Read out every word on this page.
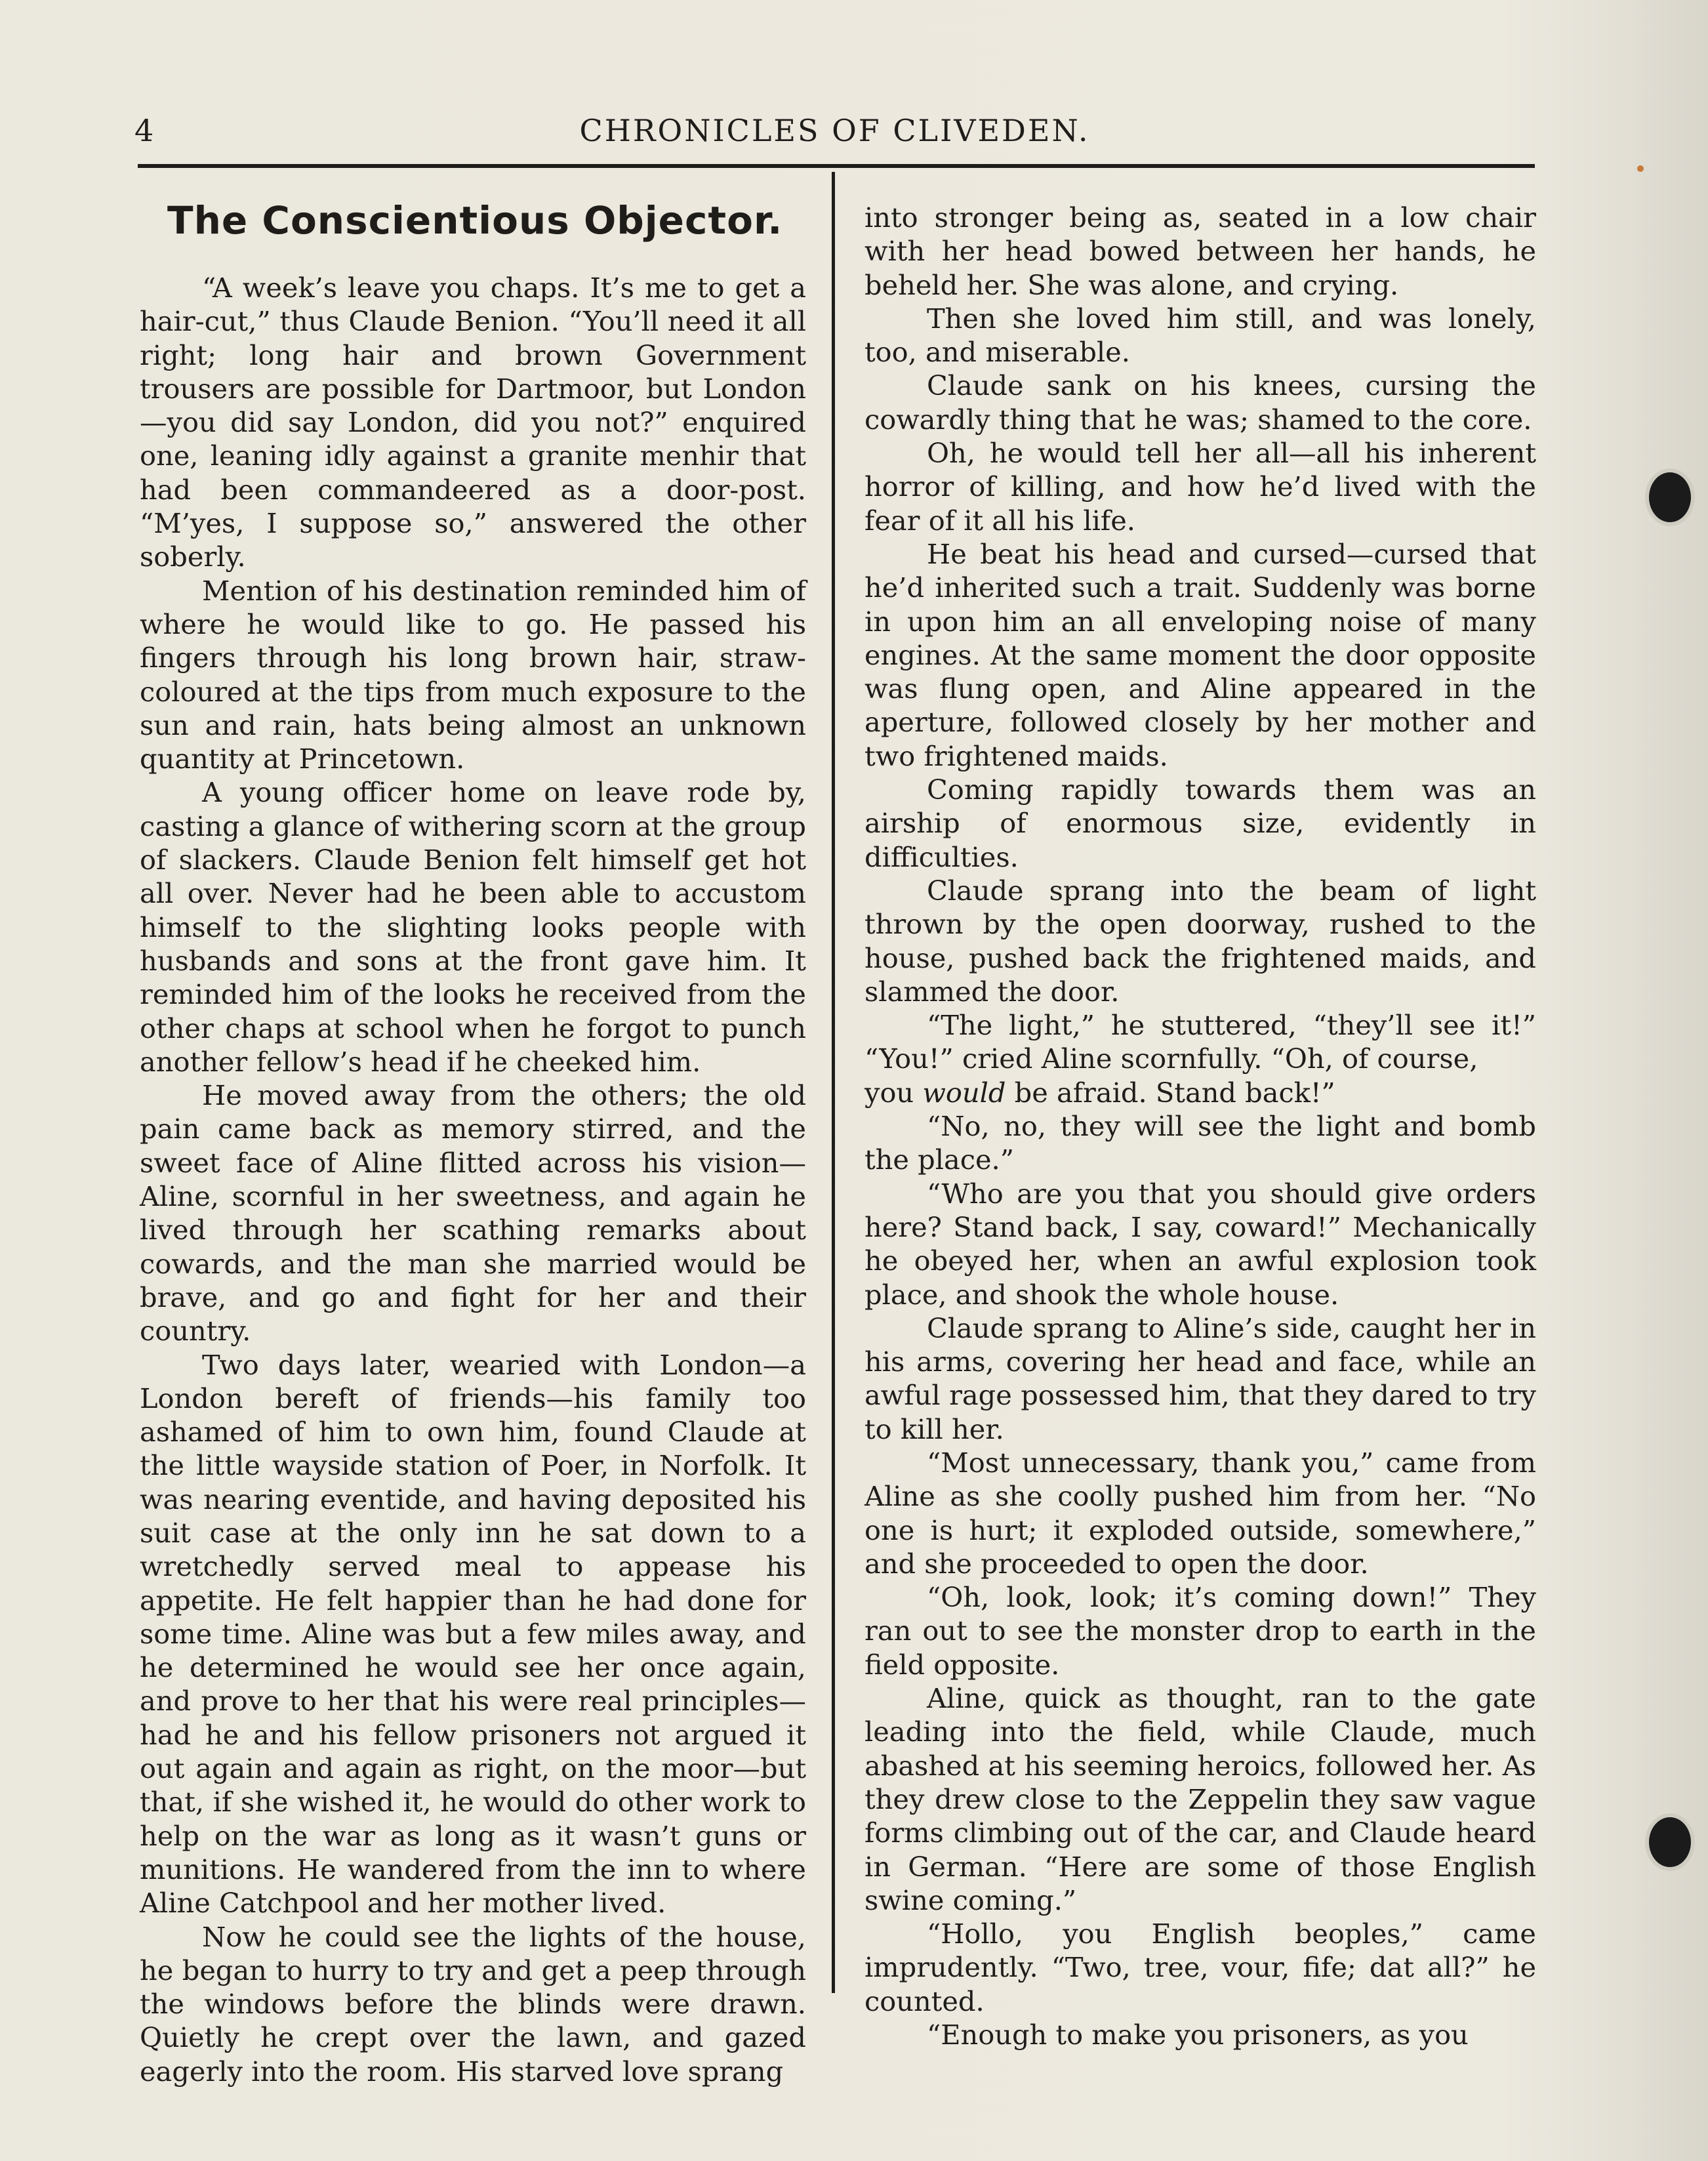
4	CHRONICLES OF CLIVEDEN.
The Conscientious Objector.

“A week’s leave you chaps. It’s me to get a hair-cut,” thus Claude Benion. “You’ll need it all right; long hair and brown Government trousers are possible for Dartmoor, but London —you did say London, did you not?” enquired one, leaning idly against a granite menhir that had been commandeered as a door-post. “M’yes, I suppose so,” answered the other soberly.

Mention of his destination reminded him of where he would like to go. He passed his fingers through his long brown hair, straw-coloured at the tips from much exposure to the sun and rain, hats being almost an unknown quantity at Princetown.

A young officer home on leave rode by, casting a glance of withering scorn at the group of slackers. Claude Benion felt himself get hot all over. Never had he been able to accustom himself to the slighting looks people with husbands and sons at the front gave him. It reminded him of the looks he received from the other chaps at school when he forgot to punch another fellow’s head if he cheeked him.

He moved away from the others; the old pain came back as memory stirred, and the sweet face of Aline flitted across his vision—Aline, scornful in her sweetness, and again he lived through her scathing remarks about cowards, and the man she married would be brave, and go and fight for her and their country.

Two days later, wearied with London—a London bereft of friends—his family too ashamed of him to own him, found Claude at the little wayside station of Poer, in Norfolk. It was nearing eventide, and having deposited his suit case at the only inn he sat down to a wretchedly served meal to appease his appetite. He felt happier than he had done for some time. Aline was but a few miles away, and he determined he would see her once again, and prove to her that his were real principles—had he and his fellow prisoners not argued it out again and again as right, on the moor—but that, if she wished it, he would do other work to help on the war as long as it wasn’t guns or munitions. He wandered from the inn to where Aline Catchpool and her mother lived.

Now he could see the lights of the house, he began to hurry to try and get a peep through the windows before the blinds were drawn. Quietly he crept over the lawn, and gazed eagerly into the room. His starved love sprang

into stronger being as, seated in a low chair with her head bowed between her hands, he beheld her. She was alone, and crying.

Then she loved him still, and was lonely, too, and miserable.

Claude sank on his knees, cursing the cowardly thing that he was; shamed to the core.

Oh, he would tell her all—all his inherent horror of killing, and how he’d lived with the fear of it all his life.

He beat his head and cursed—cursed that he’d inherited such a trait. Suddenly was borne in upon him an all enveloping noise of many engines. At the same moment the door opposite was flung open, and Aline appeared in the aperture, followed closely by her mother and two frightened maids.

Coming rapidly towards them was an airship of enormous size, evidently in difficulties.

Claude sprang into the beam of light thrown by the open doorway, rushed to the house, pushed back the frightened maids, and slammed the door.

“The light,” he stuttered, “they’ll see it!” “You!” cried Aline scornfully. “Oh, of course,

you would be afraid. Stand back!”

“No, no, they will see the light and bomb the place.”

“Who are you that you should give orders here? Stand back, I say, coward!” Mechanically he obeyed her, when an awful explosion took place, and shook the whole house.

Claude sprang to Aline’s side, caught her in his arms, covering her head and face, while an awful rage possessed him, that they dared to try to kill her.

“Most unnecessary, thank you,” came from Aline as she coolly pushed him from her. “No one is hurt; it exploded outside, somewhere,” and she proceeded to open the door.

“Oh, look, look; it’s coming down!” They ran out to see the monster drop to earth in the field opposite.

Aline, quick as thought, ran to the gate leading into the field, while Claude, much abashed at his seeming heroics, followed her. As they drew close to the Zeppelin they saw vague forms climbing out of the car, and Claude heard in German. “Here are some of those English swine coming.”

“Hollo, you English beoples,” came imprudently. “Two, tree, vour, fife; dat all?” he counted.

“Enough to make you prisoners, as you
